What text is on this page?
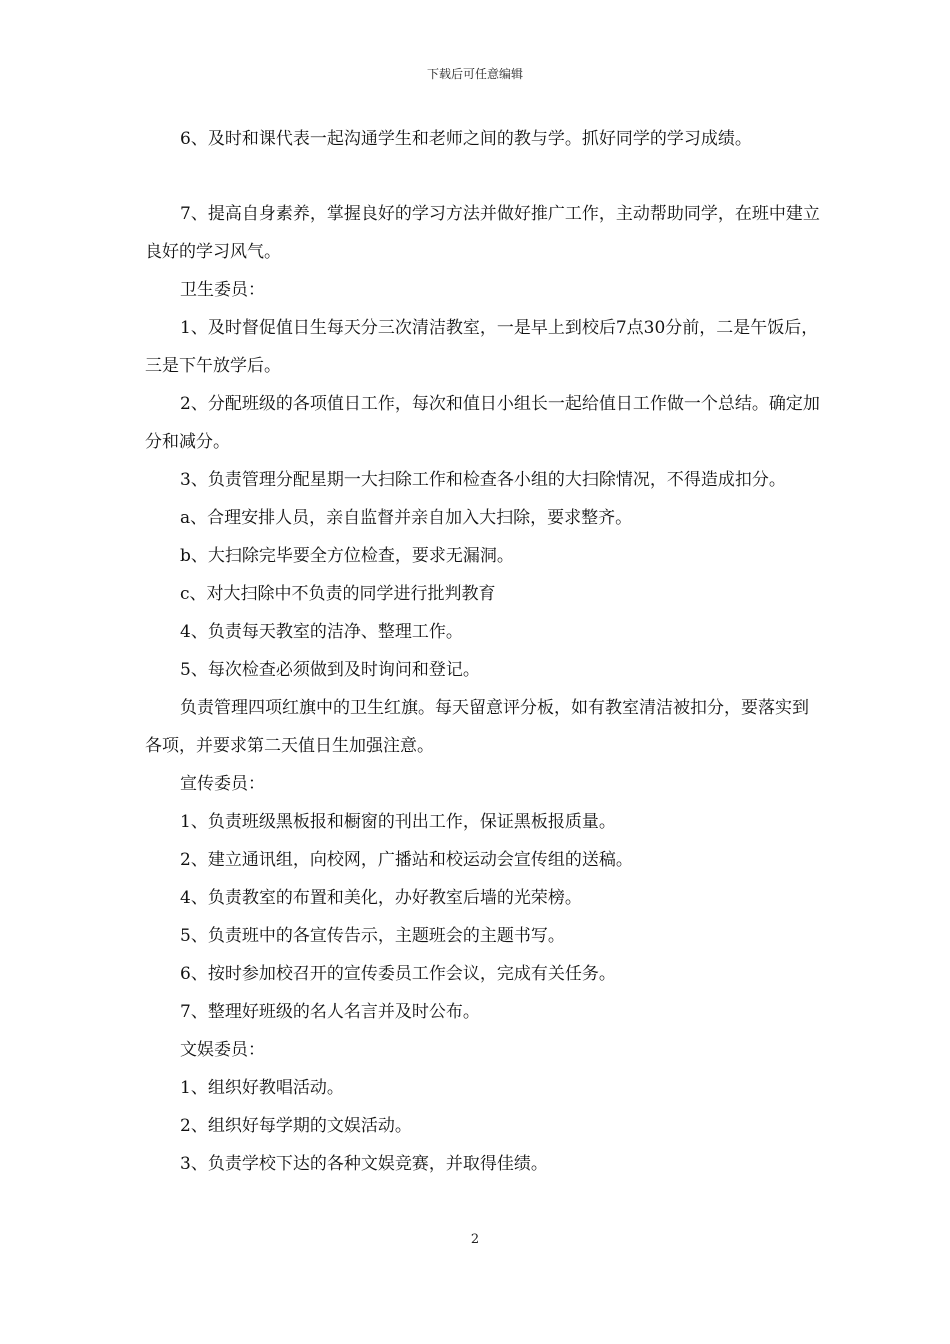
下载后可任意编辑

6、及时和课代表一起沟通学生和老师之间的教与学。抓好同学的学习成绩。

7、提高自身素养，掌握良好的学习方法并做好推广工作，主动帮助同学，在班中建立良好的学习风气。

卫生委员：

1、及时督促值日生每天分三次清洁教室，一是早上到校后7点30分前，二是午饭后，三是下午放学后。

2、分配班级的各项值日工作，每次和值日小组长一起给值日工作做一个总结。确定加分和减分。

3、负责管理分配星期一大扫除工作和检查各小组的大扫除情况，不得造成扣分。

a、合理安排人员，亲自监督并亲自加入大扫除，要求整齐。

b、大扫除完毕要全方位检查，要求无漏洞。

c、对大扫除中不负责的同学进行批判教育

4、负责每天教室的洁净、整理工作。

5、每次检查必须做到及时询问和登记。

负责管理四项红旗中的卫生红旗。每天留意评分板，如有教室清洁被扣分，要落实到各项，并要求第二天值日生加强注意。

宣传委员：

1、负责班级黑板报和橱窗的刊出工作，保证黑板报质量。

2、建立通讯组，向校网，广播站和校运动会宣传组的送稿。

4、负责教室的布置和美化，办好教室后墙的光荣榜。

5、负责班中的各宣传告示，主题班会的主题书写。

6、按时参加校召开的宣传委员工作会议，完成有关任务。

7、整理好班级的名人名言并及时公布。

文娱委员：

1、组织好教唱活动。

2、组织好每学期的文娱活动。

3、负责学校下达的各种文娱竞赛，并取得佳绩。

2
